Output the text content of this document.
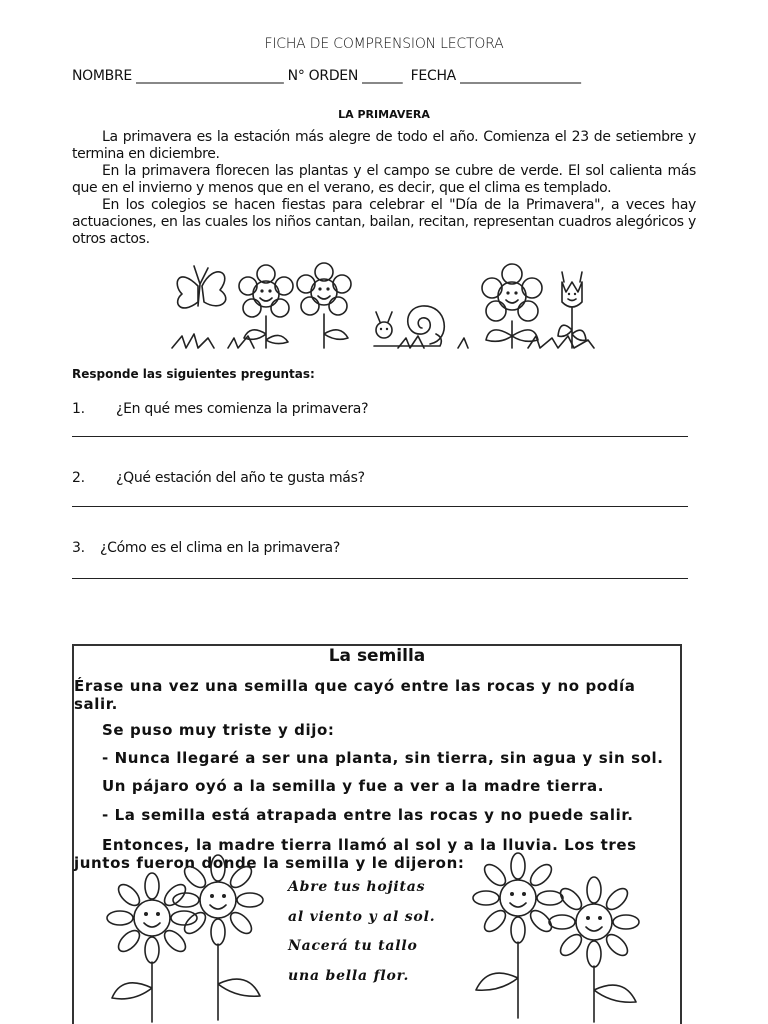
FICHA DE COMPRENSION LECTORA
NOMBRE ______________________ N° ORDEN ______  FECHA __________________
LA PRIMAVERA

La primavera es la estación más alegre de todo el año. Comienza el 23 de setiembre y termina en diciembre.

En la primavera florecen las plantas y el campo se cubre de verde. El sol calienta más que en el invierno y menos que en el verano, es decir, que el clima es templado.

En los colegios se hacen fiestas para celebrar el "Día de la Primavera", a veces hay actuaciones, en las cuales los niños cantan, bailan, recitan, representan cuadros alegóricos y otros actos.

Responde las siguientes preguntas:
1. ¿En qué mes comienza la primavera?
2. ¿Qué estación del año te gusta más?
3. ¿Cómo es el clima en la primavera?
La semilla
Érase una vez una semilla que cayó entre las rocas y no podía salir.
Se puso muy triste y dijo:
- Nunca llegaré a ser una planta, sin tierra, sin agua y sin sol.
Un pájaro oyó a la semilla y fue a ver a la madre tierra.
- La semilla está atrapada entre las rocas y no puede salir.
Entonces, la madre tierra llamó al sol y a la lluvia. Los tres juntos fueron donde la semilla y le dijeron:
Abre tus hojitas
al viento y al sol.
Nacerá tu tallo
una bella flor.
